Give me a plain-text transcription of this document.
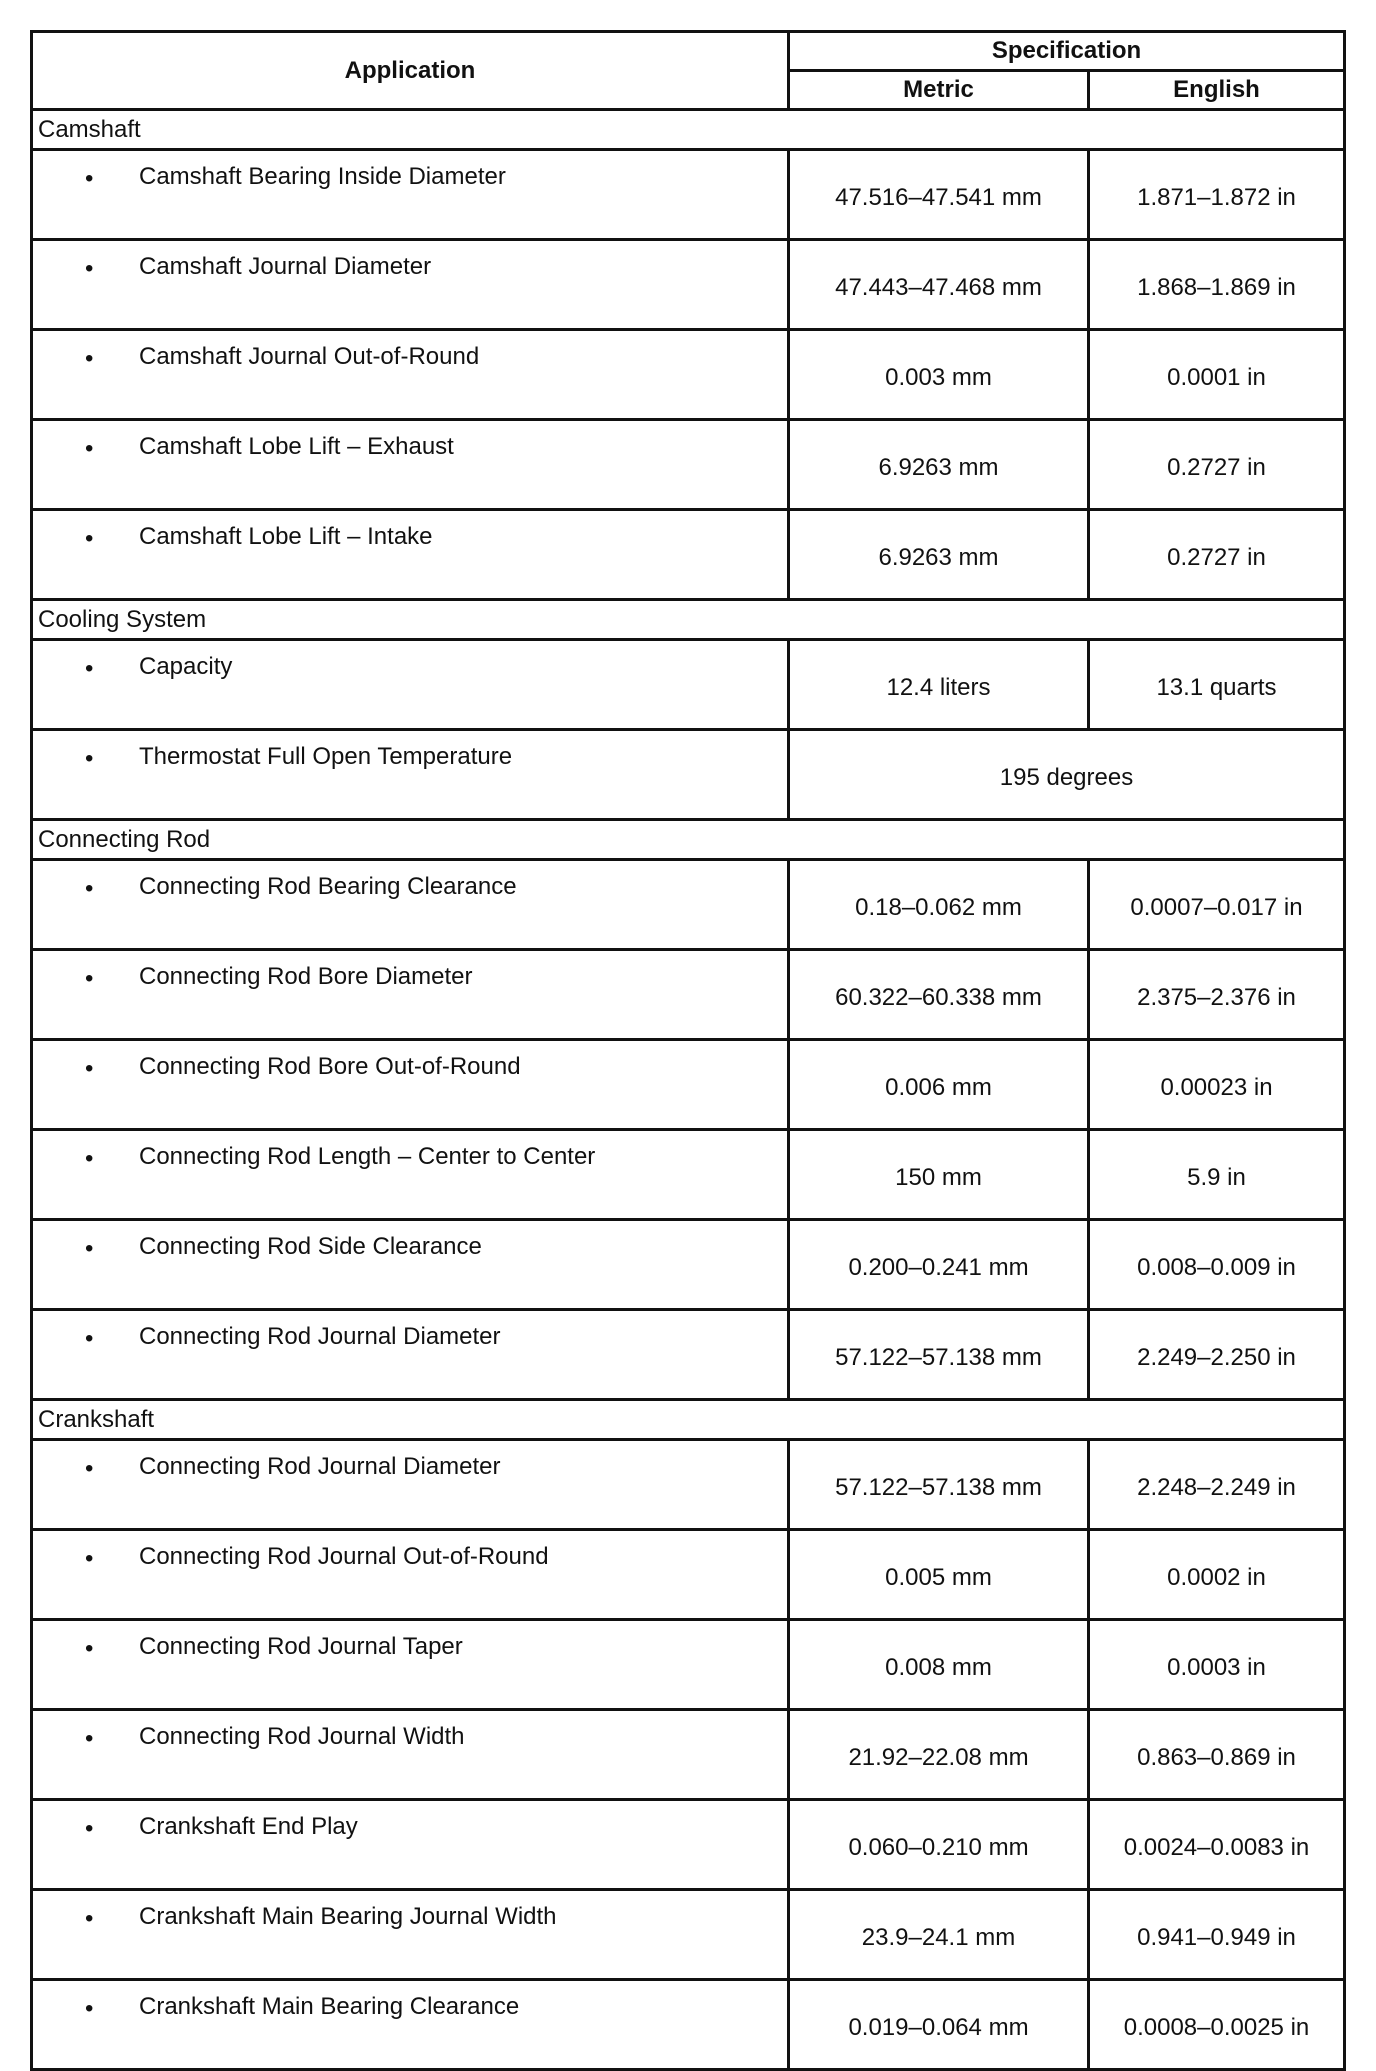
Application	Specification	
	Metric	English
Camshaft		

• Camshaft Bearing Inside Diameter	47.516–47.541 mm	1.871–1.872 in

• Camshaft Journal Diameter	47.443–47.468 mm	1.868–1.869 in

• Camshaft Journal Out-of-Round	0.003 mm	0.0001 in

• Camshaft Lobe Lift – Exhaust	6.9263 mm	0.2727 in

• Camshaft Lobe Lift – Intake	6.9263 mm	0.2727 in
Cooling System		

• Capacity	12.4 liters	13.1 quarts

• Thermostat Full Open Temperature	195 degrees	
Connecting Rod		

• Connecting Rod Bearing Clearance	0.18–0.062 mm	0.0007–0.017 in

• Connecting Rod Bore Diameter	60.322–60.338 mm	2.375–2.376 in

• Connecting Rod Bore Out-of-Round	0.006 mm	0.00023 in

• Connecting Rod Length – Center to Center	150 mm	5.9 in

• Connecting Rod Side Clearance	0.200–0.241 mm	0.008–0.009 in

• Connecting Rod Journal Diameter	57.122–57.138 mm	2.249–2.250 in
Crankshaft		

• Connecting Rod Journal Diameter	57.122–57.138 mm	2.248–2.249 in

• Connecting Rod Journal Out-of-Round	0.005 mm	0.0002 in

• Connecting Rod Journal Taper	0.008 mm	0.0003 in

• Connecting Rod Journal Width	21.92–22.08 mm	0.863–0.869 in

• Crankshaft End Play	0.060–0.210 mm	0.0024–0.0083 in

• Crankshaft Main Bearing Journal Width	23.9–24.1 mm	0.941–0.949 in

• Crankshaft Main Bearing Clearance	0.019–0.064 mm	0.0008–0.0025 in
